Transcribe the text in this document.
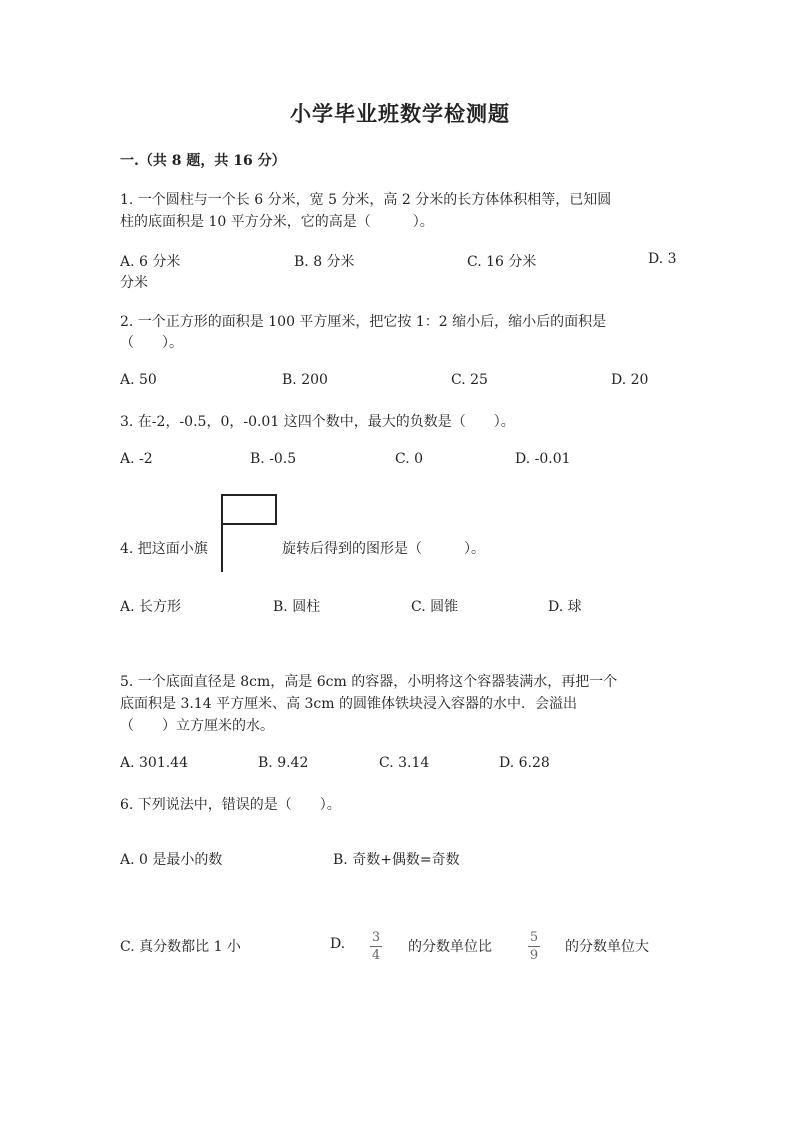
小学毕业班数学检测题
一.（共 8 题，共 16 分）
1. 一个圆柱与一个长 6 分米，宽 5 分米，高 2 分米的长方体体积相等，已知圆
柱的底面积是 10 平方分米，它的高是（　　　）。
A. 6 分米	B. 8 分米	C. 16 分米	D. 3
分米
2. 一个正方形的面积是 100 平方厘米，把它按 1：2 缩小后，缩小后的面积是
（　　）。
A. 50	B. 200	C. 25	D. 20
3. 在-2，-0.5，0，-0.01 这四个数中，最大的负数是（　　）。
A. -2	B. -0.5	C. 0	D. -0.01
4. 把这面小旗	旋转后得到的图形是（　　　）。
A. 长方形	B. 圆柱	C. 圆锥	D. 球
5. 一个底面直径是 8cm，高是 6cm 的容器，小明将这个容器装满水，再把一个
底面积是 3.14 平方厘米、高 3cm 的圆锥体铁块浸入容器的水中．会溢出
（　　）立方厘米的水。
A. 301.44	B. 9.42	C. 3.14	D. 6.28
6. 下列说法中，错误的是（　　）。
A. 0 是最小的数	B. 奇数+偶数=奇数
C. 真分数都比 1 小	D. 3
4
的分数单位比
5
9
的分数单位大
